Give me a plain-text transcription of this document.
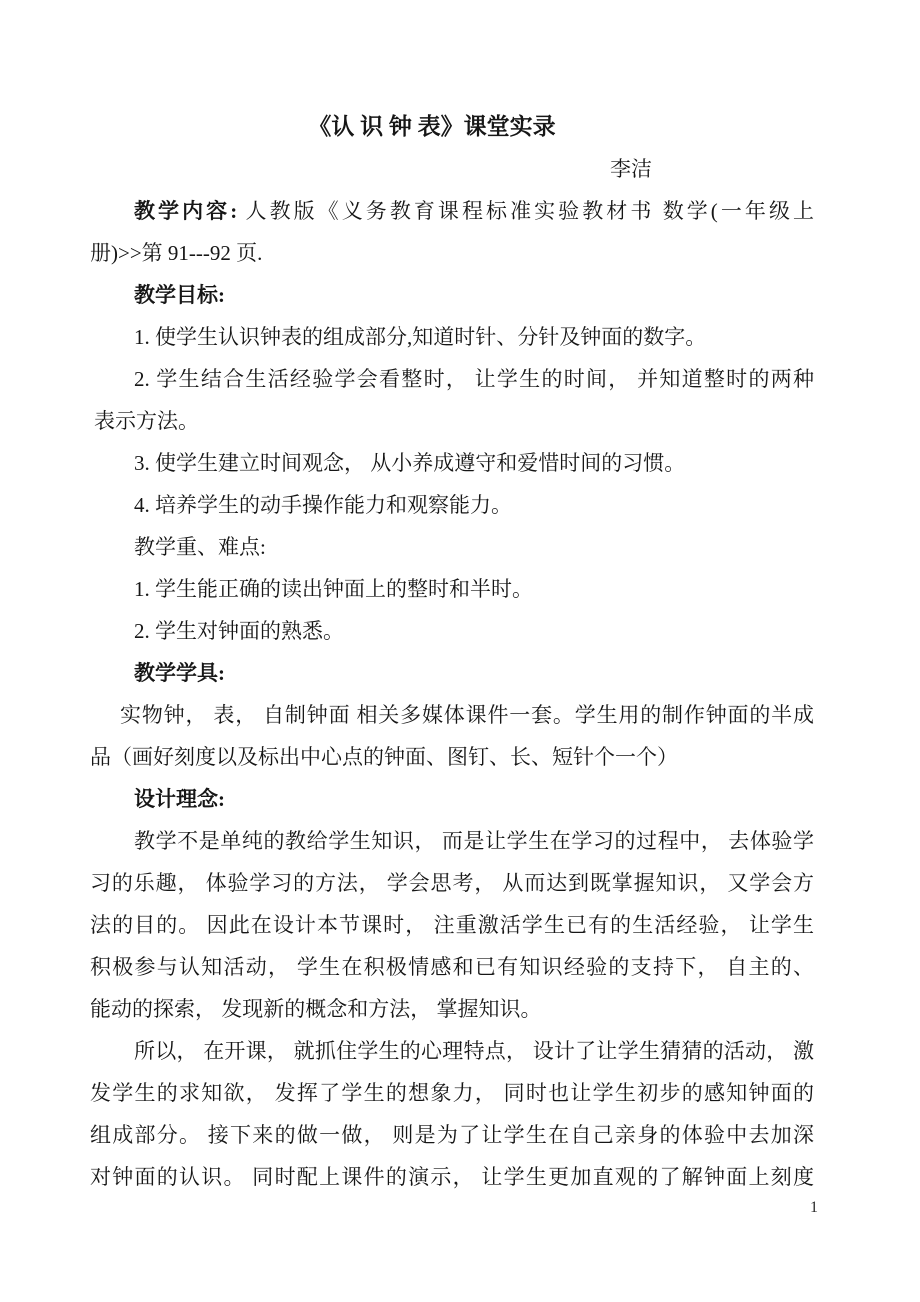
《认 识 钟 表》课堂实录
李洁
教学内容: 人教版《义务教育课程标准实验教材书 数学(一年级上
册)>>第 91---92 页.
教学目标:
1. 使学生认识钟表的组成部分,知道时针、分针及钟面的数字。
2. 学生结合生活经验学会看整时， 让学生的时间， 并知道整时的两种
表示方法。
3. 使学生建立时间观念， 从小养成遵守和爱惜时间的习惯。
4. 培养学生的动手操作能力和观察能力。
教学重、难点:
1. 学生能正确的读出钟面上的整时和半时。
2. 学生对钟面的熟悉。
教学学具:
实物钟， 表， 自制钟面 相关多媒体课件一套。学生用的制作钟面的半成
品（画好刻度以及标出中心点的钟面、图钉、长、短针个一个）
设计理念:
教学不是单纯的教给学生知识， 而是让学生在学习的过程中， 去体验学
习的乐趣， 体验学习的方法， 学会思考， 从而达到既掌握知识， 又学会方
法的目的。 因此在设计本节课时， 注重激活学生已有的生活经验， 让学生
积极参与认知活动， 学生在积极情感和已有知识经验的支持下， 自主的、
能动的探索， 发现新的概念和方法， 掌握知识。
所以， 在开课， 就抓住学生的心理特点， 设计了让学生猜猜的活动， 激
发学生的求知欲， 发挥了学生的想象力， 同时也让学生初步的感知钟面的
组成部分。 接下来的做一做， 则是为了让学生在自己亲身的体验中去加深
对钟面的认识。 同时配上课件的演示， 让学生更加直观的了解钟面上刻度
1
